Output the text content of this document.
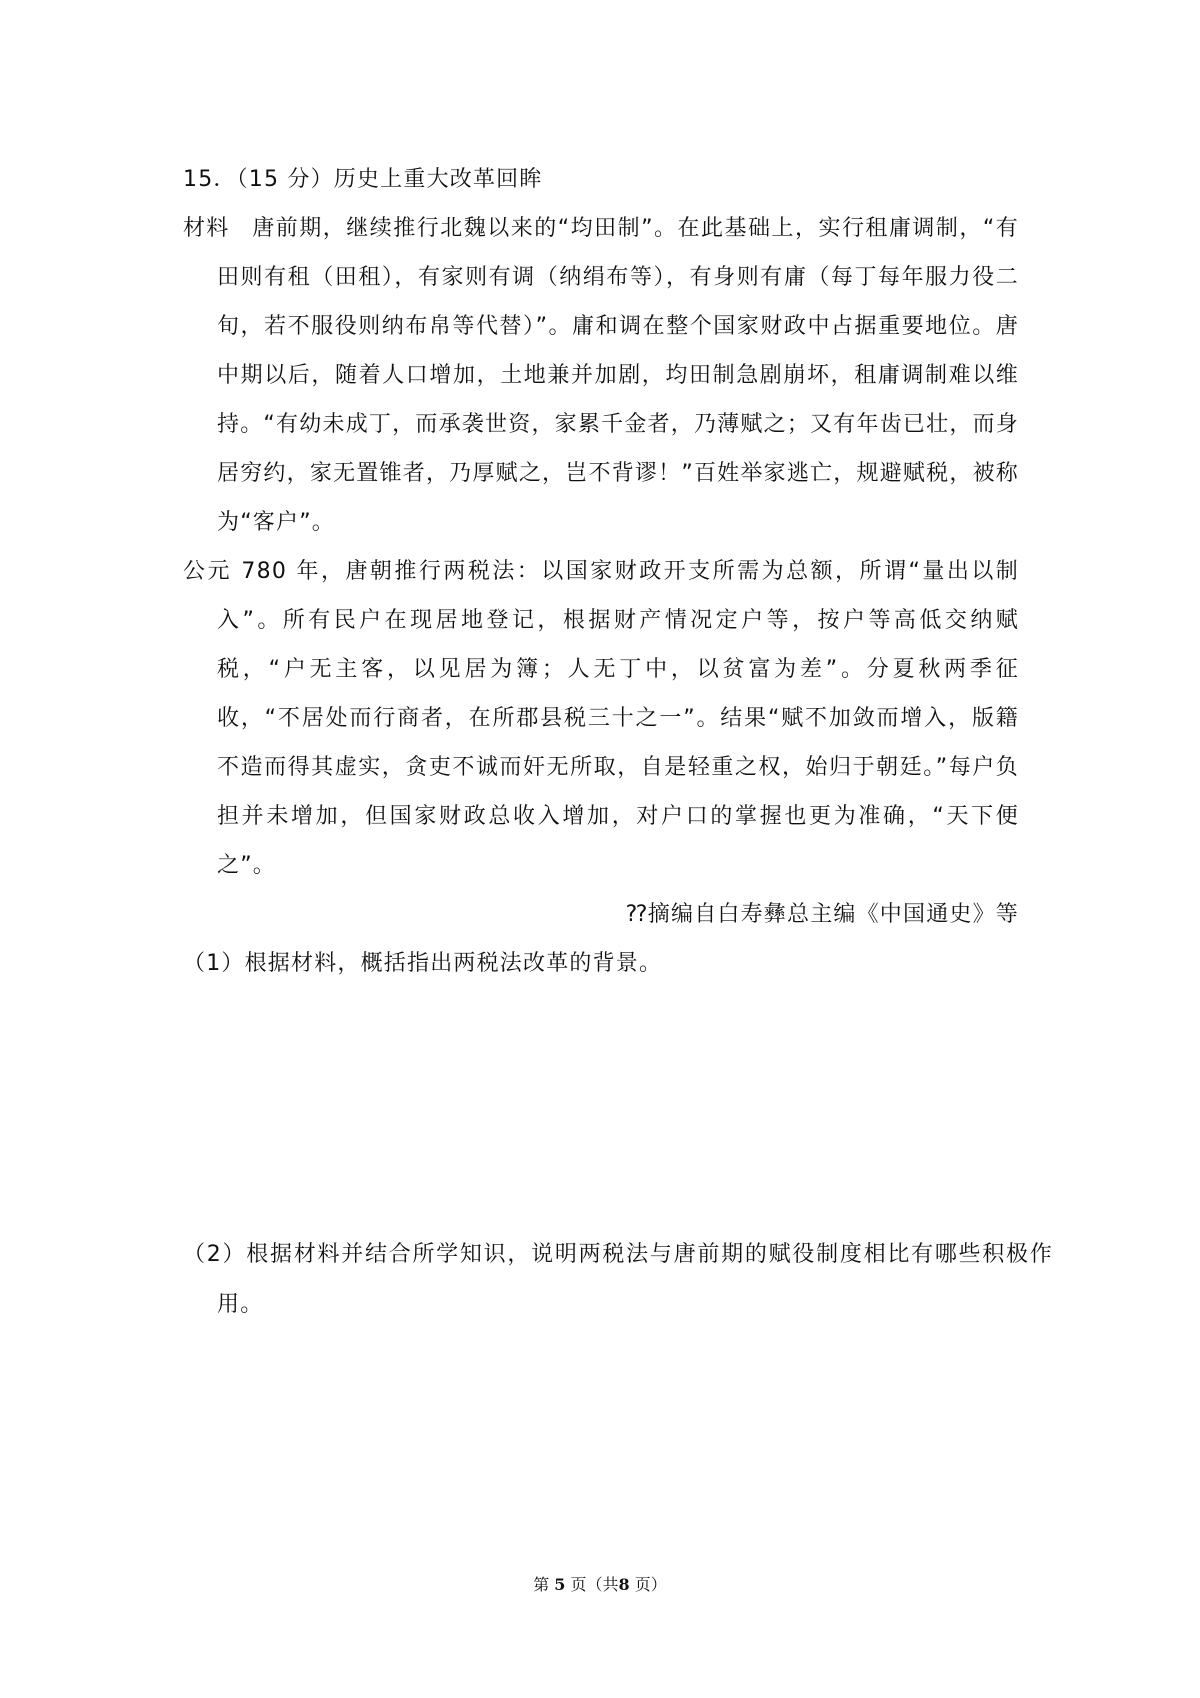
15．（15 分）历史上重大改革回眸

材料 唐前期，继续推行北魏以来的“均田制”。在此基础上，实行租庸调制，“有田则有租（田租），有家则有调（纳绢布等），有身则有庸（每丁每年服力役二旬，若不服役则纳布帛等代替）”。庸和调在整个国家财政中占据重要地位。唐中期以后，随着人口增加，土地兼并加剧，均田制急剧崩坏，租庸调制难以维持。“有幼未成丁，而承袭世资，家累千金者，乃薄赋之；又有年齿已壮，而身居穷约，家无置锥者，乃厚赋之，岂不背谬！”百姓举家逃亡，规避赋税，被称为“客户”。

公元 780 年，唐朝推行两税法：以国家财政开支所需为总额，所谓“量出以制入”。所有民户在现居地登记，根据财产情况定户等，按户等高低交纳赋税，“户无主客，以见居为簿；人无丁中，以贫富为差”。分夏秋两季征收，“不居处而行商者，在所郡县税三十之一”。结果“赋不加敛而增入，版籍不造而得其虚实，贪吏不诚而奸无所取，自是轻重之权，始归于朝廷。”每户负担并未增加，但国家财政总收入增加，对户口的掌握也更为准确，“天下便之”。

⁇摘编自白寿彝总主编《中国通史》等

（1）根据材料，概括指出两税法改革的背景。

（2）根据材料并结合所学知识，说明两税法与唐前期的赋役制度相比有哪些积极作用。

第 5 页（共8 页）
